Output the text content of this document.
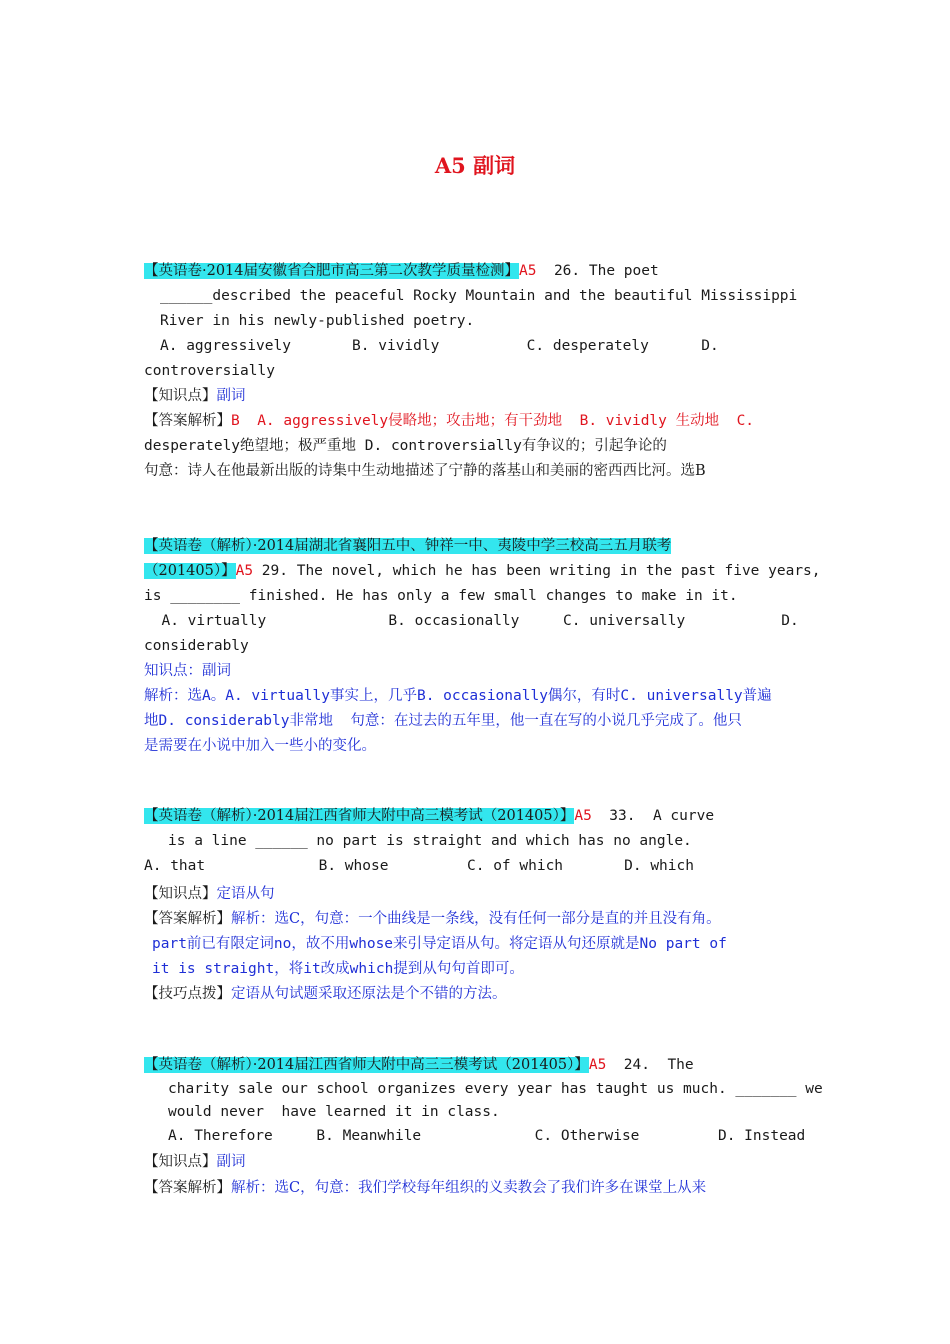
A5 副词
【英语卷·2014届安徽省合肥市高三第二次教学质量检测】A5  26. The poet
______described the peaceful Rocky Mountain and the beautiful Mississippi
River in his newly-published poetry.
A. aggressively       B. vividly          C. desperately      D.
controversially
【知识点】副词
【答案解析】B  A. aggressively侵略地；攻击地；有干劲地  B. vividly 生动地  C.
desperately绝望地；极严重地 D. controversially有争议的；引起争论的
句意：诗人在他最新出版的诗集中生动地描述了宁静的落基山和美丽的密西西比河。选B
【英语卷（解析）·2014届湖北省襄阳五中、钟祥一中、夷陵中学三校高三五月联考
（201405）】A5 29. The novel, which he has been writing in the past five years,
is ________ finished. He has only a few small changes to make in it.
A. virtually              B. occasionally     C. universally           D.
considerably
知识点：副词
解析：选A。A. virtually事实上，几乎B. occasionally偶尔，有时C. universally普遍
地D. considerably非常地  句意：在过去的五年里，他一直在写的小说几乎完成了。他只
是需要在小说中加入一些小的变化。
【英语卷（解析）·2014届江西省师大附中高三模考试（201405）】A5  33.  A curve
is a line ______ no part is straight and which has no angle.
A. that             B. whose         C. of which       D. which
【知识点】定语从句
【答案解析】解析：选C，句意：一个曲线是一条线，没有任何一部分是直的并且没有角。
part前已有限定词no，故不用whose来引导定语从句。将定语从句还原就是No part of
it is straight，将it改成which提到从句句首即可。
【技巧点拨】定语从句试题采取还原法是个不错的方法。
【英语卷（解析）·2014届江西省师大附中高三三模考试（201405）】A5  24.  The
charity sale our school organizes every year has taught us much. _______ we
would never  have learned it in class.
A. Therefore     B. Meanwhile             C. Otherwise         D. Instead
【知识点】副词
【答案解析】解析：选C，句意：我们学校每年组织的义卖教会了我们许多在课堂上从来
